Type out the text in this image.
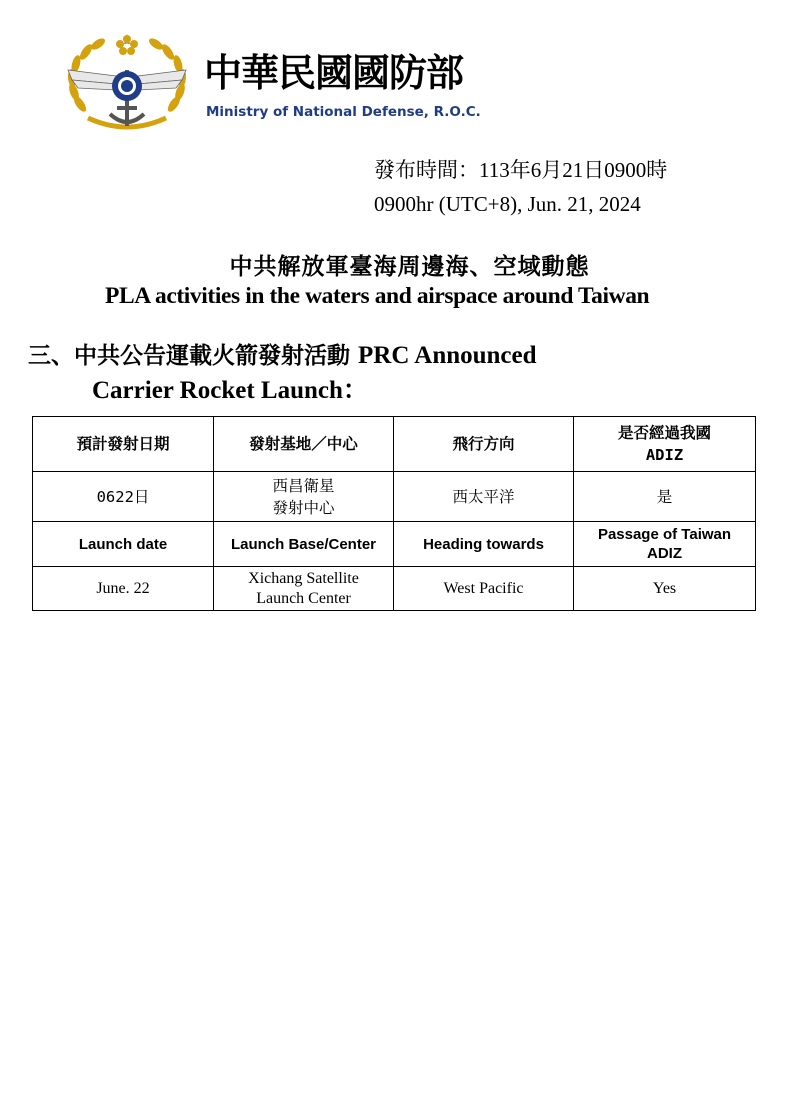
中華民國國防部
Ministry of National Defense, R.O.C.
發布時間：113年6月21日0900時
0900hr (UTC+8), Jun. 21, 2024
中共解放軍臺海周邊海、空域動態
PLA activities in the waters and airspace around Taiwan
三、中共公告運載火箭發射活動 PRC Announced
Carrier Rocket Launch：
預計發射日期	發射基地／中心	飛行方向	是否經過我國
ADIZ

0622日	西昌衛星
發射中心	西太平洋	是

Launch date	Launch Base/Center	Heading towards	Passage of Taiwan
ADIZ

June. 22	Xichang Satellite
Launch Center	West Pacific	Yes
